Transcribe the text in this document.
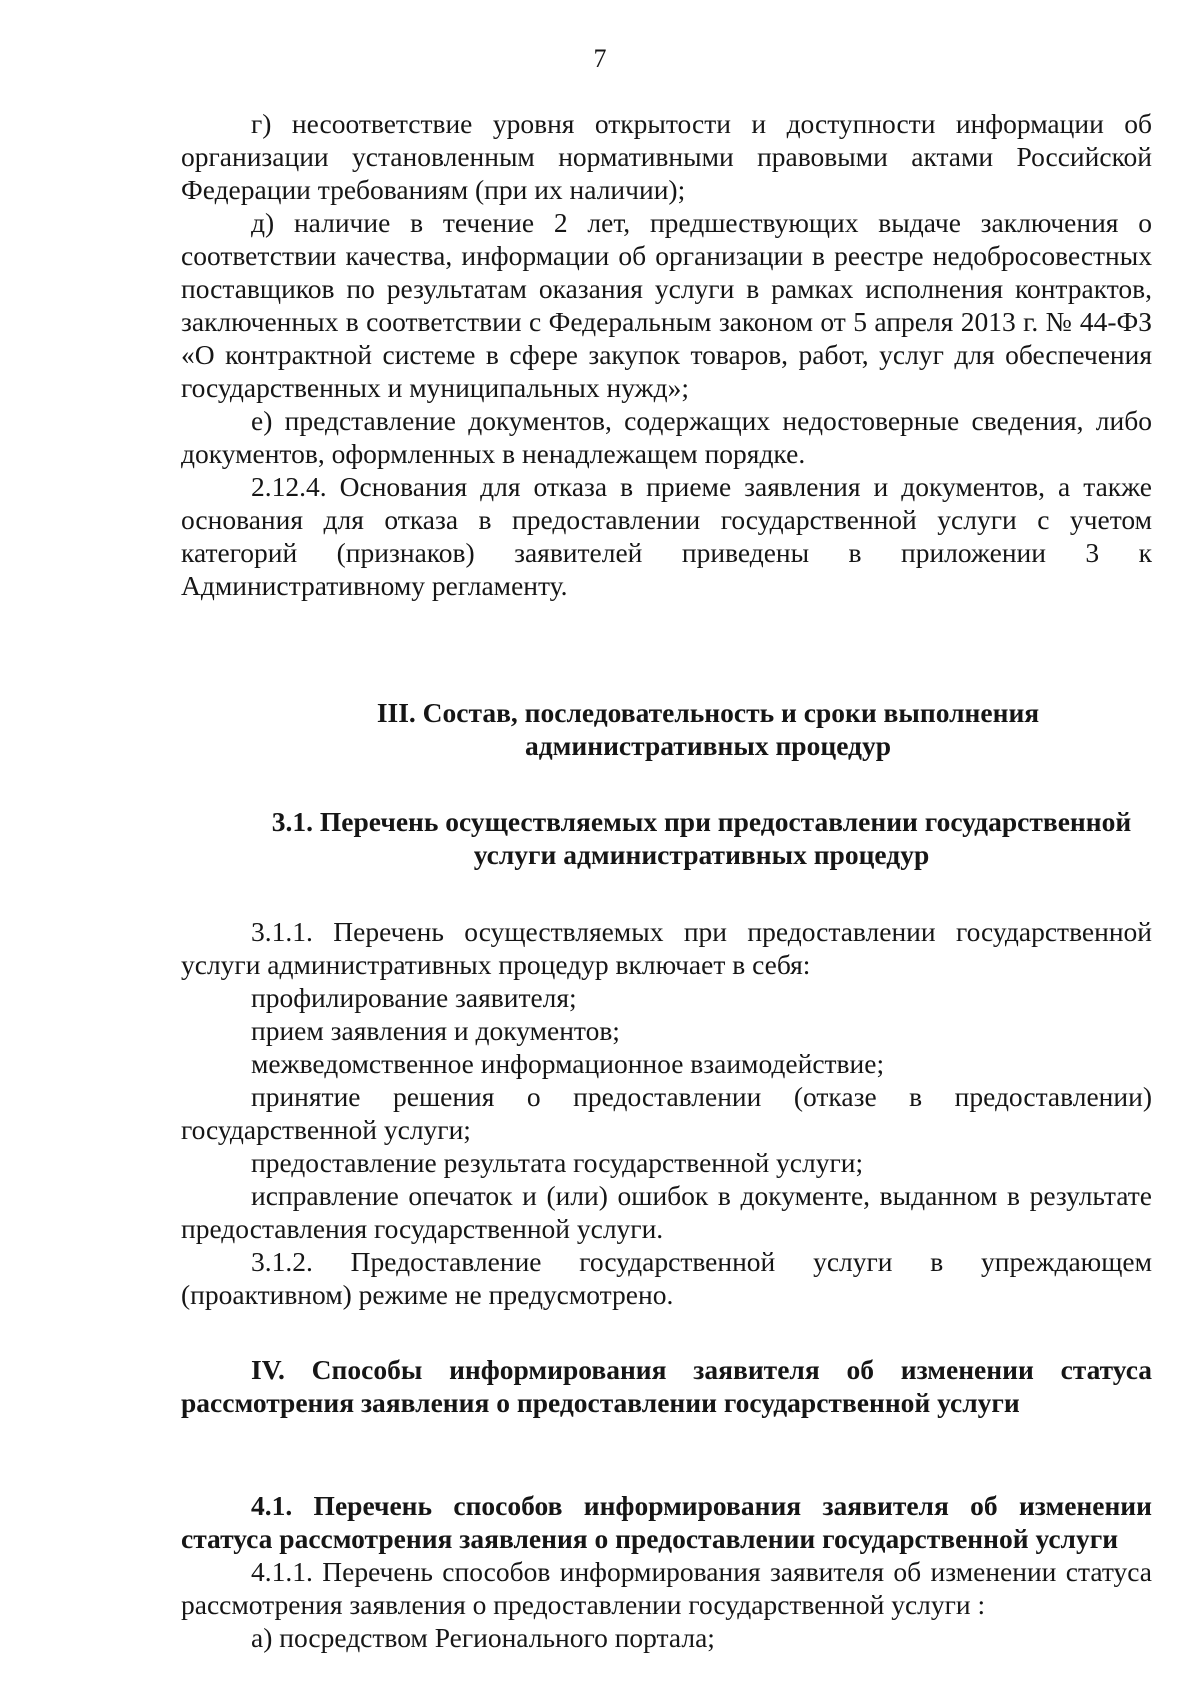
7

г) несоответствие уровня открытости и доступности информации об организации установленным нормативными правовыми актами Российской Федерации требованиям (при их наличии);

д) наличие в течение 2 лет, предшествующих выдаче заключения о соответствии качества, информации об организации в реестре недобросовестных поставщиков по результатам оказания услуги в рамках исполнения контрактов, заключенных в соответствии с Федеральным законом от 5 апреля 2013 г. № 44-ФЗ «О контрактной системе в сфере закупок товаров, работ, услуг для обеспечения государственных и муниципальных нужд»;

е) представление документов, содержащих недостоверные сведения, либо документов, оформленных в ненадлежащем порядке.

2.12.4. Основания для отказа в приеме заявления и документов, а также основания для отказа в предоставлении государственной услуги с учетом категорий (признаков) заявителей приведены в приложении 3 к

Административному регламенту.

III. Состав, последовательность и сроки выполнения
административных процедур
3.1. Перечень осуществляемых при предоставлении государственной
услуги административных процедур

3.1.1. Перечень осуществляемых при предоставлении государственной услуги административных процедур включает в себя:

профилирование заявителя;

прием заявления и документов;

межведомственное информационное взаимодействие;

принятие решения о предоставлении (отказе в предоставлении) государственной услуги;

предоставление результата государственной услуги;

исправление опечаток и (или) ошибок в документе, выданном в результате предоставления государственной услуги.

3.1.2. Предоставление государственной услуги в упреждающем (проактивном) режиме не предусмотрено.

IV. Способы информирования заявителя об изменении статуса рассмотрения заявления о предоставлении государственной услуги
4.1. Перечень способов информирования заявителя об изменении статуса рассмотрения заявления о предоставлении государственной услуги

4.1.1. Перечень способов информирования заявителя об изменении статуса рассмотрения заявления о предоставлении государственной услуги :

а) посредством Регионального портала;
